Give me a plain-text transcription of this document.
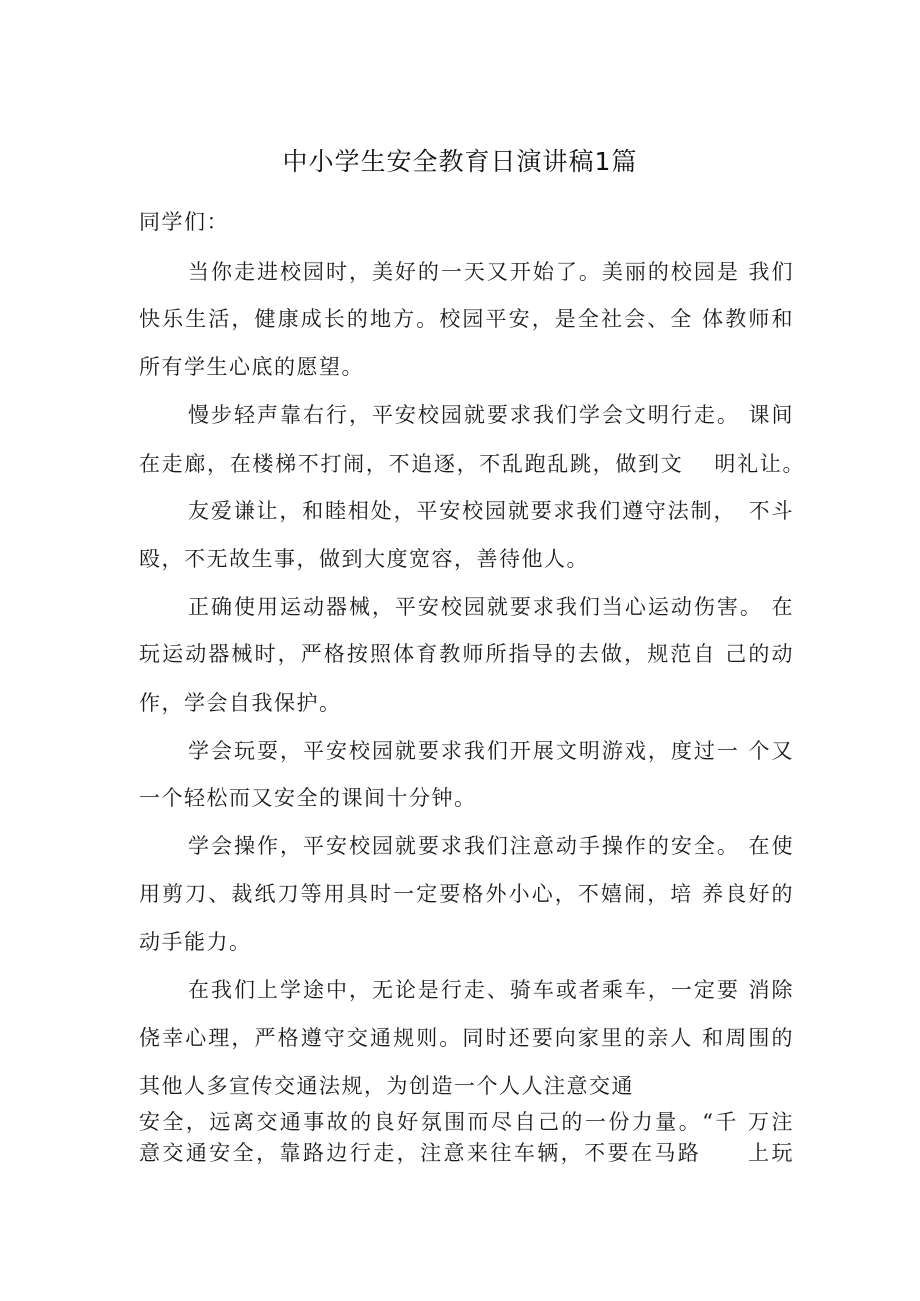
中小学生安全教育日演讲稿1篇
同学们：
当你走进校园时，美好的一天又开始了。美丽的校园是 我们
快乐生活，健康成长的地方。校园平安，是全社会、全 体教师和
所有学生心底的愿望。
慢步轻声靠右行，平安校园就要求我们学会文明行走。 课间
在走廊，在楼梯不打闹，不追逐，不乱跑乱跳，做到文　 明礼让。
友爱谦让，和睦相处，平安校园就要求我们遵守法制，　不斗
殴，不无故生事，做到大度宽容，善待他人。
正确使用运动器械，平安校园就要求我们当心运动伤害。 在
玩运动器械时，严格按照体育教师所指导的去做，规范自 己的动
作，学会自我保护。
学会玩耍，平安校园就要求我们开展文明游戏，度过一 个又
一个轻松而又安全的课间十分钟。
学会操作，平安校园就要求我们注意动手操作的安全。 在使
用剪刀、裁纸刀等用具时一定要格外小心，不嬉闹，培 养良好的
动手能力。
在我们上学途中，无论是行走、骑车或者乘车，一定要 消除
侥幸心理，严格遵守交通规则。同时还要向家里的亲人 和周围的
其他人多宣传交通法规，为创造一个人人注意交通
安全，远离交通事故的良好氛围而尽自己的一份力量。“千 万注
意交通安全，靠路边行走，注意来往车辆，不要在马路　　上玩
